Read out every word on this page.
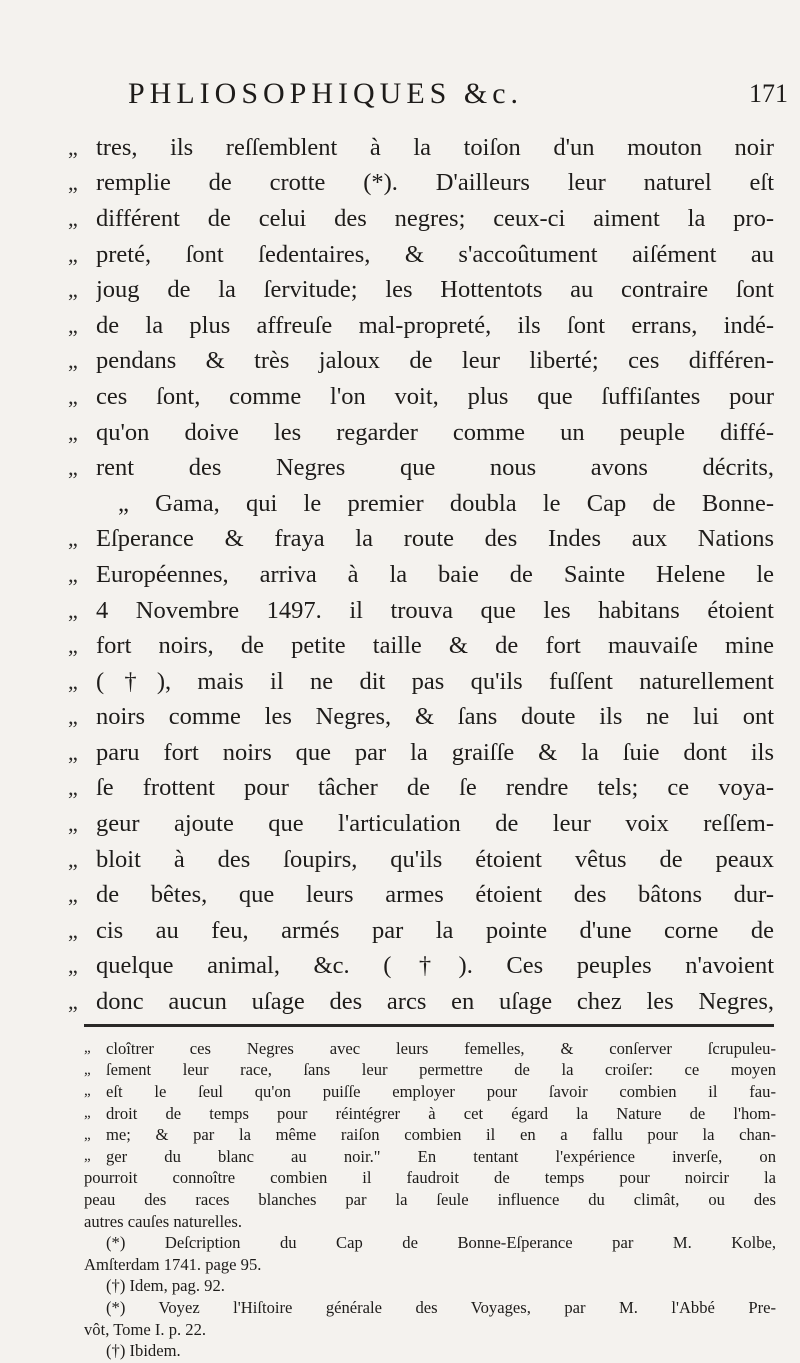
PHLIOSOPHIQUES &c.	171
„ tres, ils reſſemblent à la toiſon d'un mouton noir
„ remplie de crotte (*). D'ailleurs leur naturel eſt
„ différent de celui des negres; ceux-ci aiment la pro-
„ preté, ſont ſedentaires, & s'accoûtument aiſément au
„ joug de la ſervitude; les Hottentots au contraire ſont
„ de la plus affreuſe mal-propreté, ils ſont errans, indé-
„ pendans & très jaloux de leur liberté; ces différen-
„ ces ſont, comme l'on voit, plus que ſuffiſantes pour
„ qu'on doive les regarder comme un peuple diffé-
„ rent des Negres que nous avons décrits,
„ Gama, qui le premier doubla le Cap de Bonne-
„ Eſperance & fraya la route des Indes aux Nations
„ Européennes, arriva à la baie de Sainte Helene le
„ 4 Novembre 1497. il trouva que les habitans étoient
„ fort noirs, de petite taille & de fort mauvaiſe mine
„ (†), mais il ne dit pas qu'ils fuſſent naturellement
„ noirs comme les Negres, & ſans doute ils ne lui ont
„ paru fort noirs que par la graiſſe & la ſuie dont ils
„ ſe frottent pour tâcher de ſe rendre tels; ce voya-
„ geur ajoute que l'articulation de leur voix reſſem-
„ bloit à des ſoupirs, qu'ils étoient vêtus de peaux
„ de bêtes, que leurs armes étoient des bâtons dur-
„ cis au feu, armés par la pointe d'une corne de
„ quelque animal, &c. (†). Ces peuples n'avoient
„ donc aucun uſage des arcs en uſage chez les Negres,
„ cloîtrer ces Negres avec leurs femelles, & conſerver ſcrupuleu-
„ ſement leur race, ſans leur permettre de la croiſer: ce moyen
„ eſt le ſeul qu'on puiſſe employer pour ſavoir combien il fau-
„ droit de temps pour réintégrer à cet égard la Nature de l'hom-
„ me; & par la même raiſon combien il en a fallu pour la chan-
„ ger du blanc au noir." En tentant l'expérience inverſe, on
pourroit connoître combien il faudroit de temps pour noircir la
peau des races blanches par la ſeule influence du climât, ou des
autres cauſes naturelles.
(*) Deſcription du Cap de Bonne-Eſperance par M. Kolbe,
Amſterdam 1741. page 95.
(†) Idem, pag. 92.
(*) Voyez l'Hiſtoire générale des Voyages, par M. l'Abbé Pre-
vôt, Tome I. p. 22.
(†) Ibidem.
